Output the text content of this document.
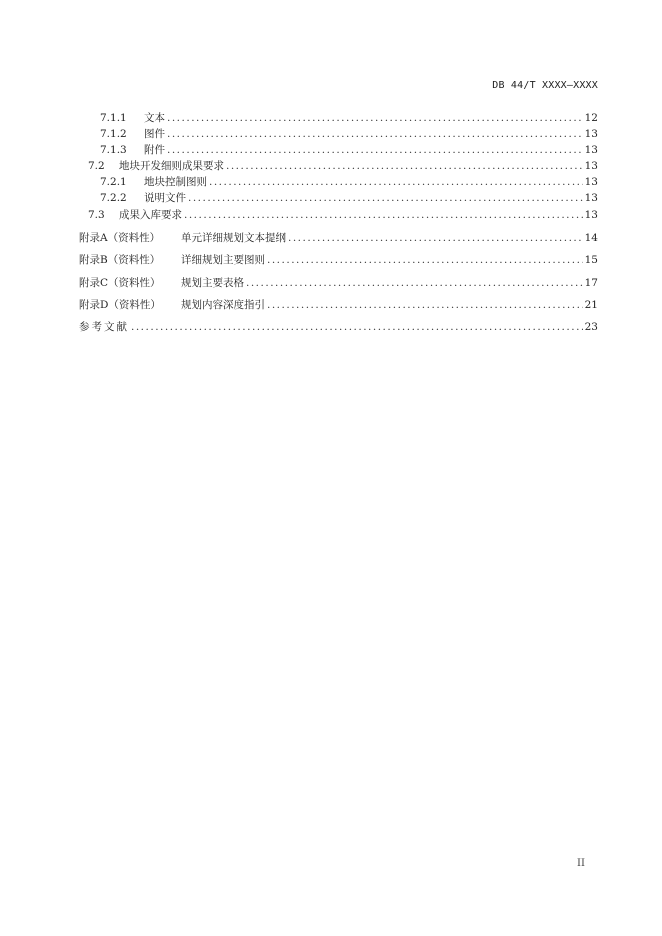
DB 44/T XXXX—XXXX
7.1.1	文本 .....	12
7.1.2	图件 .....	13
7.1.3	附件 .....	13
7.2	地块开发细则成果要求 .....	13
7.2.1	地块控制图则 .....	13
7.2.2	说明文件 .....	13
7.3	成果入库要求 .....	13
附录A（资料性）	单元详细规划文本提纲 .....	14
附录B（资料性）	详细规划主要图则 .....	15
附录C（资料性）	规划主要表格 .....	17
附录D（资料性）	规划内容深度指引 .....	21
参考文献 .....	23
II
